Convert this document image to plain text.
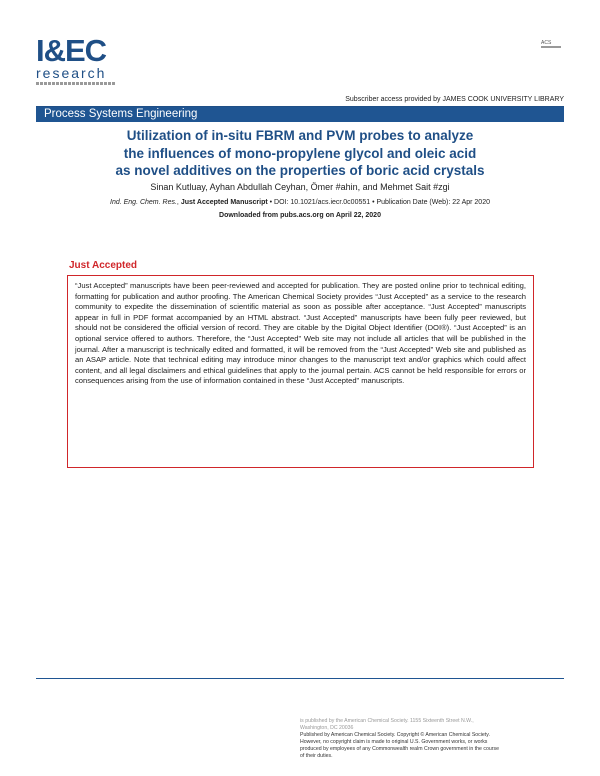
I&EC
research
ACS
Subscriber access provided by JAMES COOK UNIVERSITY LIBRARY
Process Systems Engineering
Utilization of in-situ FBRM and PVM probes to analyze
the influences of mono-propylene glycol and oleic acid
as novel additives on the properties of boric acid crystals
Sinan Kutluay, Ayhan Abdullah Ceyhan, Ömer #ahin, and Mehmet Sait #zgi
Ind. Eng. Chem. Res., Just Accepted Manuscript • DOI: 10.1021/acs.iecr.0c00551 • Publication Date (Web): 22 Apr 2020
Downloaded from pubs.acs.org on April 22, 2020
Just Accepted
“Just Accepted” manuscripts have been peer-reviewed and accepted for publication. They are posted online prior to technical editing, formatting for publication and author proofing. The American Chemical Society provides “Just Accepted” as a service to the research community to expedite the dissemination of scientific material as soon as possible after acceptance. “Just Accepted” manuscripts appear in full in PDF format accompanied by an HTML abstract. “Just Accepted” manuscripts have been fully peer reviewed, but should not be considered the official version of record. They are citable by the Digital Object Identifier (DOI®). “Just Accepted” is an optional service offered to authors. Therefore, the “Just Accepted” Web site may not include all articles that will be published in the journal. After a manuscript is technically edited and formatted, it will be removed from the “Just Accepted” Web site and published as an ASAP article. Note that technical editing may introduce minor changes to the manuscript text and/or graphics which could affect content, and all legal disclaimers and ethical guidelines that apply to the journal pertain. ACS cannot be held responsible for errors or consequences arising from the use of information contained in these “Just Accepted” manuscripts.
is published by the American Chemical Society. 1155 Sixteenth Street N.W.,
Washington, DC 20036
Published by American Chemical Society. Copyright © American Chemical Society.
However, no copyright claim is made to original U.S. Government works, or works
produced by employees of any Commonwealth realm Crown government in the course
of their duties.
